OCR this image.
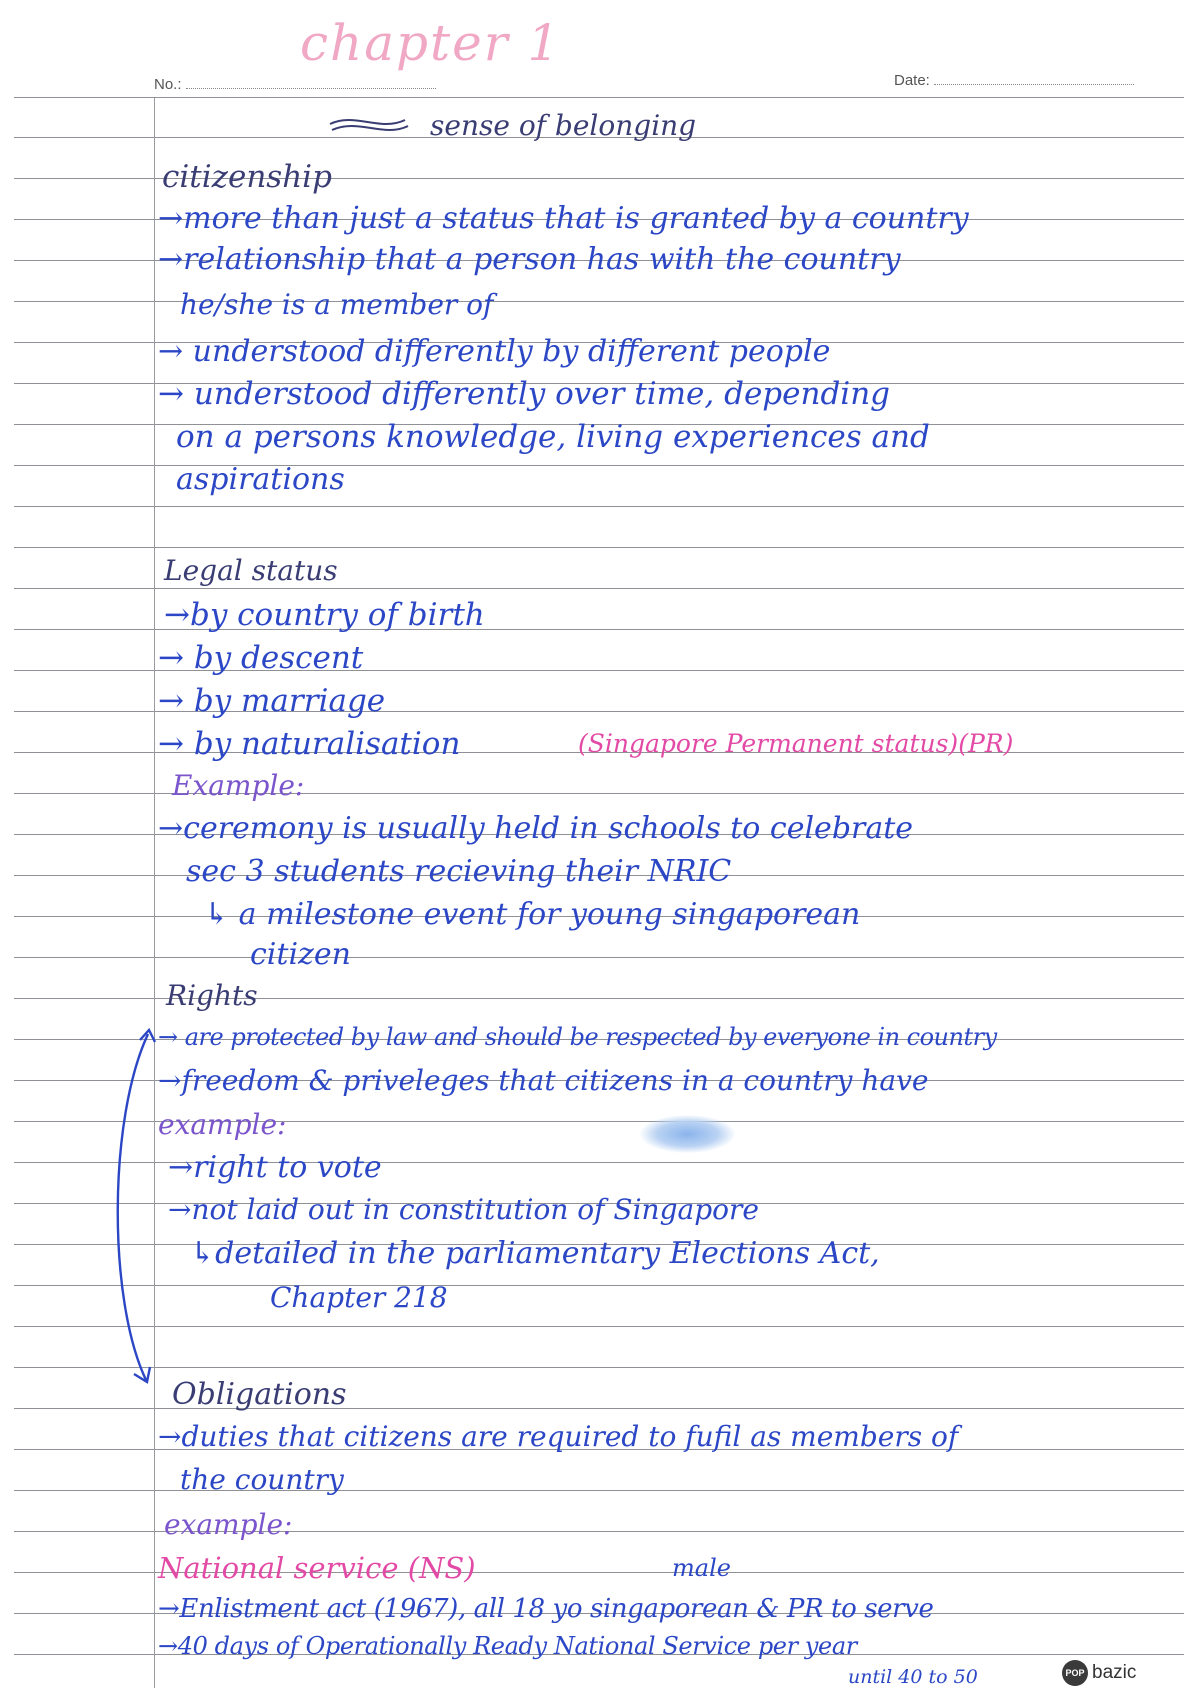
No.:	Date:
chapter 1
sense of belonging
citizenship
→more than just a status that is granted by a country
→relationship that a person has with the country
he/she is a member of
→ understood differently by different people
→ understood differently over time, depending
on a persons knowledge, living experiences and
aspirations
Legal status
→by country of birth
→ by descent
→ by marriage
→ by naturalisation	(Singapore Permanent status)(PR)
Example:
→ceremony is usually held in schools to celebrate
sec 3 students recieving their NRIC
↳ a milestone event for young singaporean
citizen
Rights
→ are protected by law and should be respected by everyone in country
→freedom & priveleges that citizens in a country have
example:
→right to vote
→not laid out in constitution of Singapore
↳detailed in the parliamentary Elections Act,
Chapter 218
Obligations
→duties that citizens are required to fufil as members of
the country
example:
National service (NS)	male
→Enlistment act (1967), all 18 yo singaporean & PR to serve
→40 days of Operationally Ready National Service per year
until 40 to 50	POP bazic
